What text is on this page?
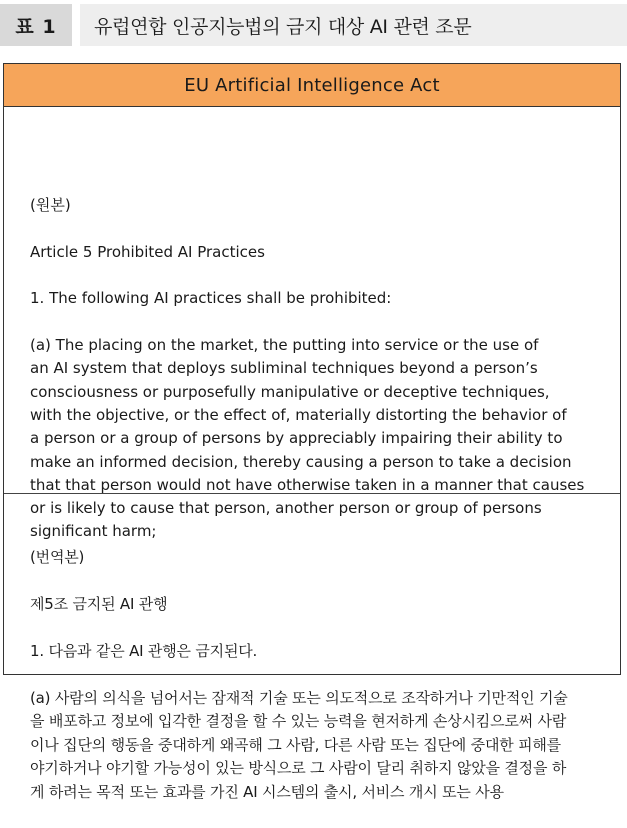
표 1	유럽연합 인공지능법의 금지 대상 AI 관련 조문
EU Artificial Intelligence Act

(원본)

Article 5 Prohibited AI Practices

1. The following AI practices shall be prohibited:

(a) The placing on the market, the putting into service or the use of
an AI system that deploys subliminal techniques beyond a person’s
consciousness or purposefully manipulative or deceptive techniques,
with the objective, or the effect of, materially distorting the behavior of
a person or a group of persons by appreciably impairing their ability to
make an informed decision, thereby causing a person to take a decision
that that person would not have otherwise taken in a manner that causes
or is likely to cause that person, another person or group of persons
significant harm;

(번역본)

제5조 금지된 AI 관행

1. 다음과 같은 AI 관행은 금지된다.

(a) 사람의 의식을 넘어서는 잠재적 기술 또는 의도적으로 조작하거나 기만적인 기술
을 배포하고 정보에 입각한 결정을 할 수 있는 능력을 현저하게 손상시킴으로써 사람
이나 집단의 행동을 중대하게 왜곡해 그 사람, 다른 사람 또는 집단에 중대한 피해를
야기하거나 야기할 가능성이 있는 방식으로 그 사람이 달리 취하지 않았을 결정을 하
게 하려는 목적 또는 효과를 가진 AI 시스템의 출시, 서비스 개시 또는 사용
